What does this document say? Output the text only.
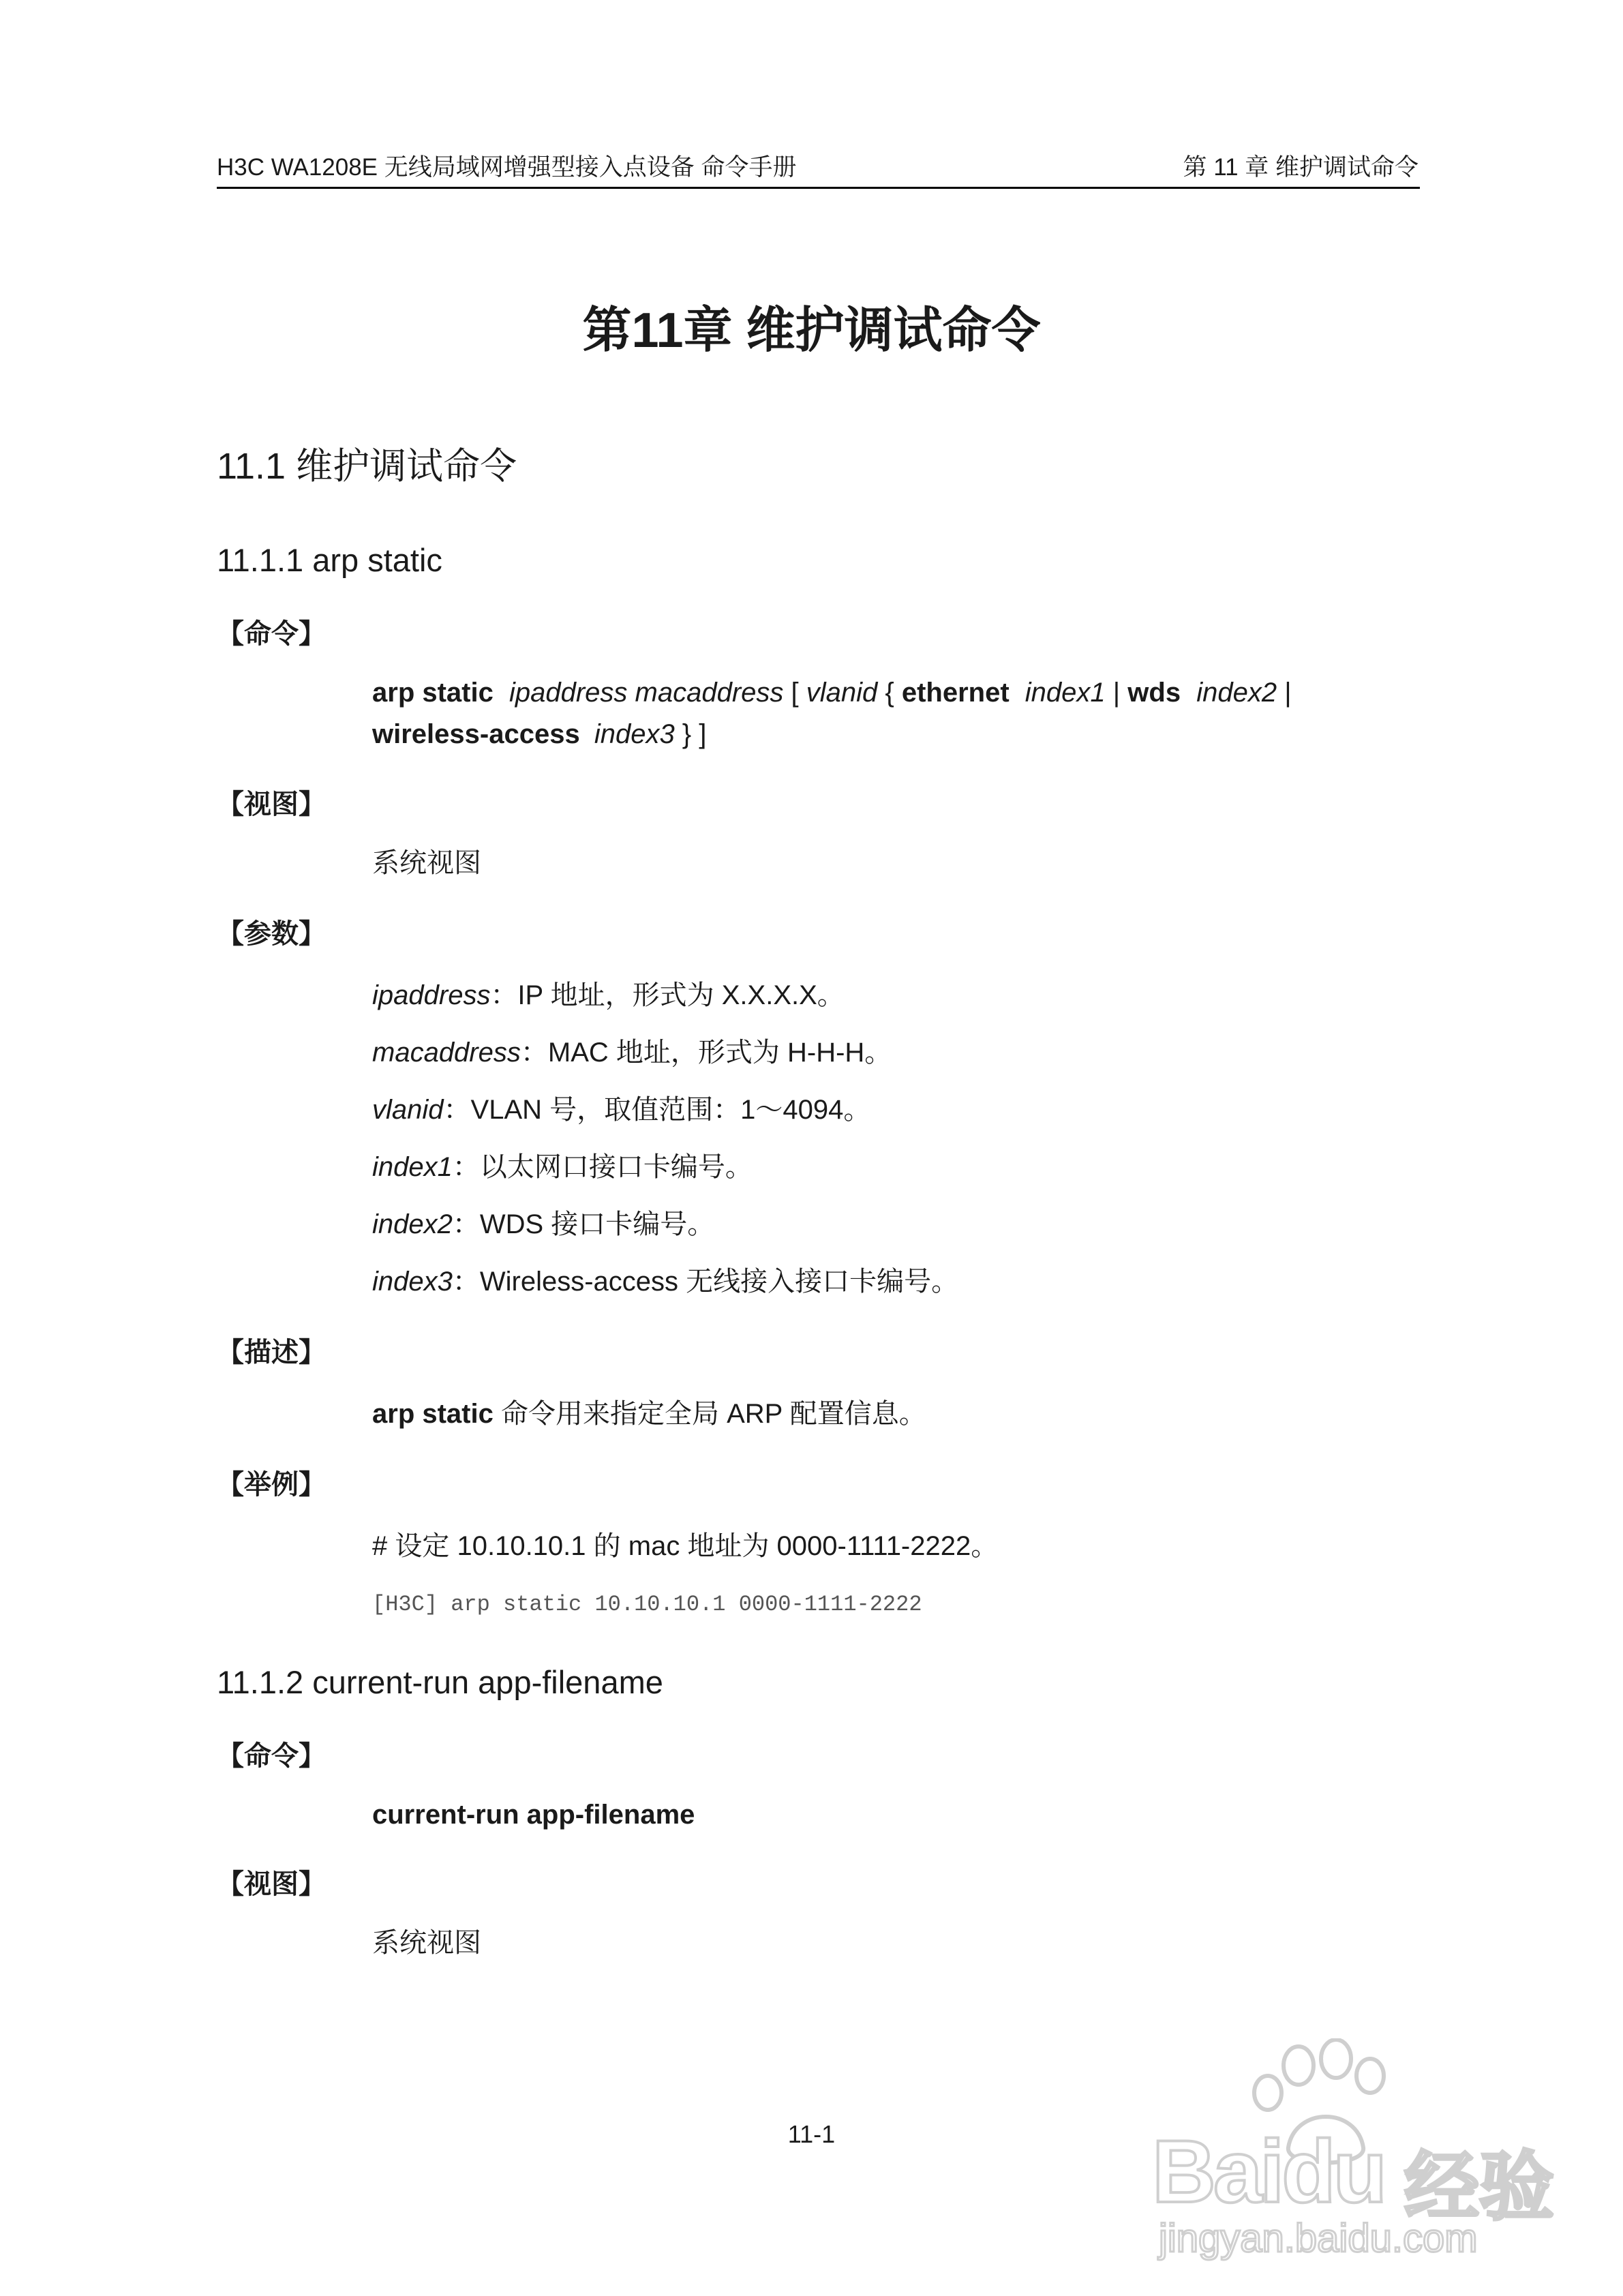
H3C WA1208E 无线局域网增强型接入点设备 命令手册	第 11 章 维护调试命令
第11章 维护调试命令
11.1 维护调试命令
11.1.1 arp static
【命令】
arp static ipaddress macaddress [ vlanid { ethernet index1 | wds index2 |
wireless-access index3 } ]
【视图】
系统视图
【参数】
ipaddress：IP 地址，形式为 X.X.X.X。
macaddress：MAC 地址，形式为 H-H-H。
vlanid：VLAN 号，取值范围：1～4094。
index1：以太网口接口卡编号。
index2：WDS 接口卡编号。
index3：Wireless-access 无线接入接口卡编号。
【描述】
arp static 命令用来指定全局 ARP 配置信息。
【举例】
# 设定 10.10.10.1 的 mac 地址为 0000-1111-2222。
[H3C] arp static 10.10.10.1 0000-1111-2222
11.1.2 current-run app-filename
【命令】
current-run app-filename
【视图】
系统视图
11-1	Baidu 经验
jingyan.baidu.com
